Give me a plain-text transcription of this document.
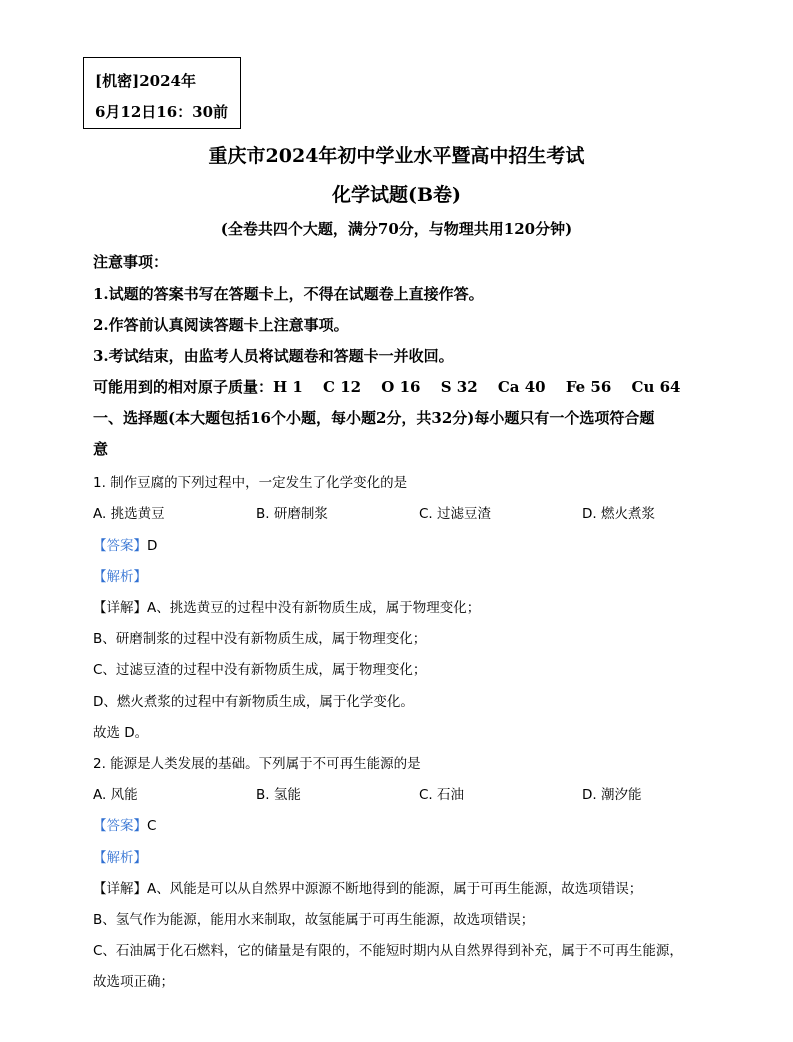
[机密]2024年
6月12日16：30前
重庆市2024年初中学业水平暨高中招生考试
化学试题(B卷)
(全卷共四个大题，满分70分，与物理共用120分钟)
注意事项：
1.试题的答案书写在答题卡上，不得在试题卷上直接作答。
2.作答前认真阅读答题卡上注意事项。
3.考试结束，由监考人员将试题卷和答题卡一并收回。
可能用到的相对原子质量：H 1　 C 12　 O 16　 S 32　 Ca 40　 Fe 56　 Cu 64
一、选择题(本大题包括16个小题，每小题2分，共32分)每小题只有一个选项符合题
意
1. 制作豆腐的下列过程中，一定发生了化学变化的是
A. 挑选黄豆	B. 研磨制浆	C. 过滤豆渣	D. 燃火煮浆
【答案】D
【解析】
【详解】A、挑选黄豆的过程中没有新物质生成，属于物理变化；
B、研磨制浆的过程中没有新物质生成，属于物理变化；
C、过滤豆渣的过程中没有新物质生成，属于物理变化；
D、燃火煮浆的过程中有新物质生成，属于化学变化。
故选 D。
2. 能源是人类发展的基础。下列属于不可再生能源的是
A. 风能	B. 氢能	C. 石油	D. 潮汐能
【答案】C
【解析】
【详解】A、风能是可以从自然界中源源不断地得到的能源，属于可再生能源，故选项错误；
B、氢气作为能源，能用水来制取，故氢能属于可再生能源，故选项错误；
C、石油属于化石燃料，它的储量是有限的，不能短时期内从自然界得到补充，属于不可再生能源，
故选项正确；
